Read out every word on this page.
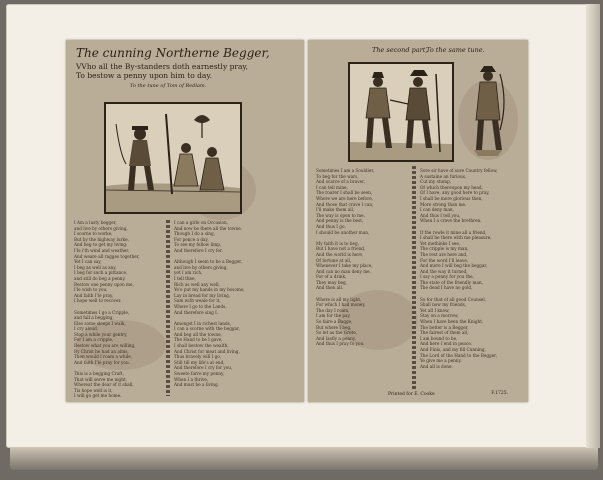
The cunning Northerne Begger,
VVho all the By-standers doth earnestly pray,
To bestow a penny upon him to day.
To the tune of Tom of Bedlam.
I Am a lusty begger,
and live by others giving,
I scorne to worke,
But by the highway lurke,
And beg to get my living:
I'le i'th wind and weather,
And weare all ragges together,
Yet I can say,
I beg as well as any,
I beg for such a pittance,
and still do beg a penny.
Bestow one penny upon me,
I'le wish to you,
And faith I'le pray,
I hope well to recover.

Sometimes I go a Cripple,
and fall a begging,
Else some sleeps I walk,
I cry aloud,
Stop a while your gentry,
For I am a cripple,
Bestow what you are willing,
By Christ he had an alms,
Then would I roam a while,
And faith I'le pray for you.

This is a begging Craft,
That will serve me night,
Whereat the dear of it shall,
Tis hope well is it,
I will go get me home.
I can a girle on Occasion,
And now be there all the towne,
Though I do a sing,
For pence a day,
To see my fellow limp,
And therefore I cry for.

Although I seem to be a Begger,
and live by others giving,
yet I am rich,
I tell thee,
Rich as well any well,
Ye'e put my hands in my bosome,
Lay in bread for my living,
Sam with weale for it,
Where I go to the Lands,
And therefore sing I.

Amongst I in richest lands,
I can a scorne with the beggar,
And beg all the towne,
The Hand to be I gave,
I shall bestow the wealth,
And Christ for meat and living,
Thus bravely will I go,
Still till my life's at end,
And therefore I cry for you,
Sweete farre my penny,
When I a thrive,
And must be a living.
The second part,
To the same tune.
Sometimes I am a Souldier,
To beg for the wars,
And scarce of a braver,
I can tell mine,
The roarer I shall be seen,
Where we are here before,
And those that crave I can,
I'll make them all,
The way is open to me,
And penny is the best,
And thus I go,
I should be another man,

My faith it is to beg,
But I have not a friend,
And the world is here,
Of fortune at all,
Whenever I take my place,
And can no man deny me,
For of a drink,
They may beg,
And then all.

Where is all my light,
For which I had money,
The day I roam,
I am for the pay,
So faire a Bagge,
But where I beg,
So let as the Grete,
And lastly a penny,
And thus I pray to you.
Sore sir have of sure Cauntry fellow,
A sustaine an furious,
Cut my stump,
Of which thereupon my head,
Of I have, any good here to pray,
I shall be more glorious then,
More strong than me,
I can deny man,
And thus I tell you,
When I a crave the brethren.

If the rowle it mine all a friend,
I shall be there with me pleasure,
Yet methinks I see,
The cripple is my man,
The rest are here and,
For the word I'll leave,
And more I will beg the beggar,
And the way it turned,
I say a penny for you the,
The state of the friendly man,
The dead I have no gold,

So for that of all good Counsel,
Shall now my friends,
Yet all I know,
Stay on a morrow,
When I have been the Knight,
The better is a Begger,
The fairest of them all,
I am bound to be,
And here I end in peace.
And Finis, and my fill Cunning,
The Lord of the Hand to the Begger,
Ye give me a penny.
And all is done.
Printed for E. Cooke	F.1725.
